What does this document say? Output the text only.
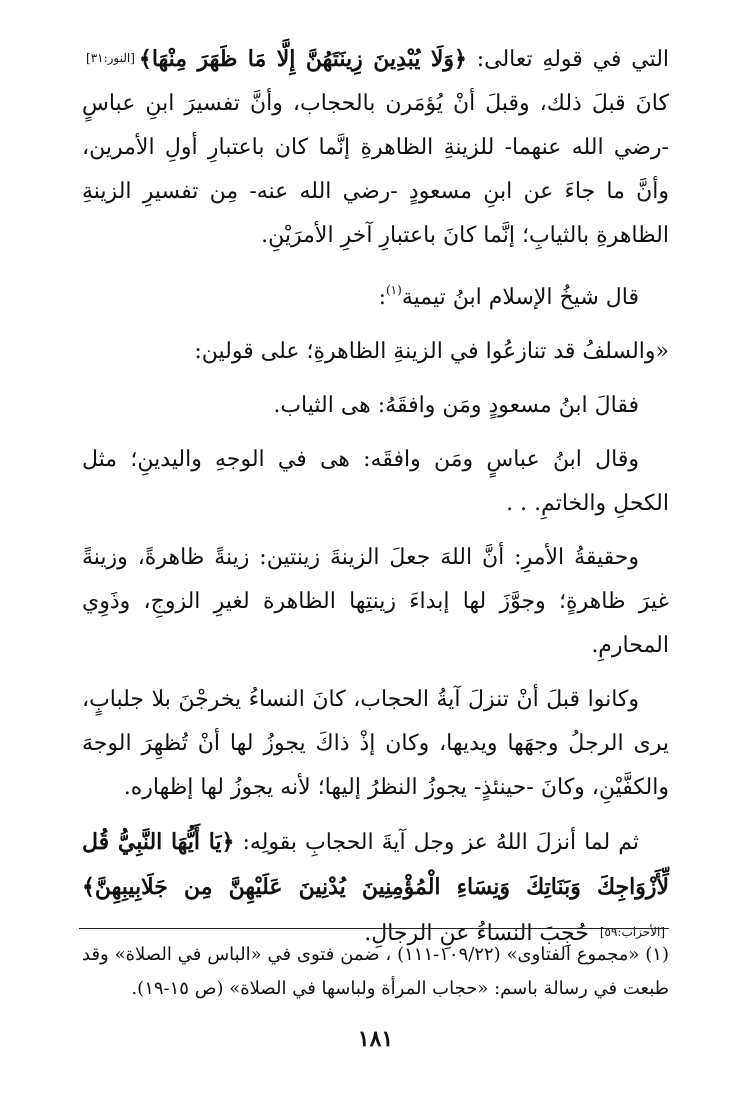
التي في قولهِ تعالى: ﴿وَلَا يُبْدِينَ زِينَتَهُنَّ إِلَّا مَا ظَهَرَ مِنْهَا﴾[النور:٣١] كانَ قبلَ ذلك، وقبلَ أنْ يُؤمَرن بالحجاب، وأنَّ تفسيرَ ابنِ عباسٍ -رضي الله عنهما- للزينةِ الظاهرةِ إنَّما كان باعتبارِ أولِ الأمرين، وأنَّ ما جاءَ عن ابنِ مسعودٍ -رضي الله عنه- مِن تفسيرِ الزينةِ الظاهرةِ بالثيابِ؛ إنَّما كانَ باعتبارِ آخرِ الأمرَيْنِ.

قال شيخُ الإسلام ابنُ تيمية$^{(١)}$:

«والسلفُ قد تنازعُوا في الزينةِ الظاهرةِ؛ على قولين:

فقالَ ابنُ مسعودٍ ومَن وافقَهُ: هى الثياب.

وقال ابنُ عباسٍ ومَن وافقَه: هى في الوجهِ واليدينِ؛ مثل الكحلِ والخاتمِ. . .

وحقيقةُ الأمرِ: أنَّ اللهَ جعلَ الزينةَ زينتين: زينةً ظاهرةً، وزينةً غيرَ ظاهرةٍ؛ وجوَّزَ لها إبداءَ زينتِها الظاهرة لغيرِ الزوجِ، وذَوِي المحارمِ.

وكانوا قبلَ أنْ تنزلَ آيةُ الحجاب، كانَ النساءُ يخرجْنَ بلا جلبابٍ، يرى الرجلُ وجهَها ويديها، وكان إذْ ذاكَ يجوزُ لها أنْ تُظهِرَ الوجهَ والكفَّيْنِ، وكانَ -حينئذٍ- يجوزُ النظرُ إليها؛ لأنه يجوزُ لها إظهاره.

ثم لما أنزلَ اللهُ عز وجل آيةَ الحجابِ بقولِه: ﴿يَا أَيُّهَا النَّبِيُّ قُل لِّأَزْوَاجِكَ وَبَنَاتِكَ وَنِسَاءِ الْمُؤْمِنِينَ يُدْنِينَ عَلَيْهِنَّ مِن جَلَابِيبِهِنَّ﴾[الأحزاب:٥٩] حُجِبَ النساءُ عنِ الرجالِ.

(١) «مجموع الفتاوى» (١٠٩/٢٢-١١١) ، ضمن فتوى في «الباس في الصلاة» وقد طبعت في رسالة باسم: «حجاب المرأة ولباسها في الصلاة» (ص ١٥-١٩).

١٨١
